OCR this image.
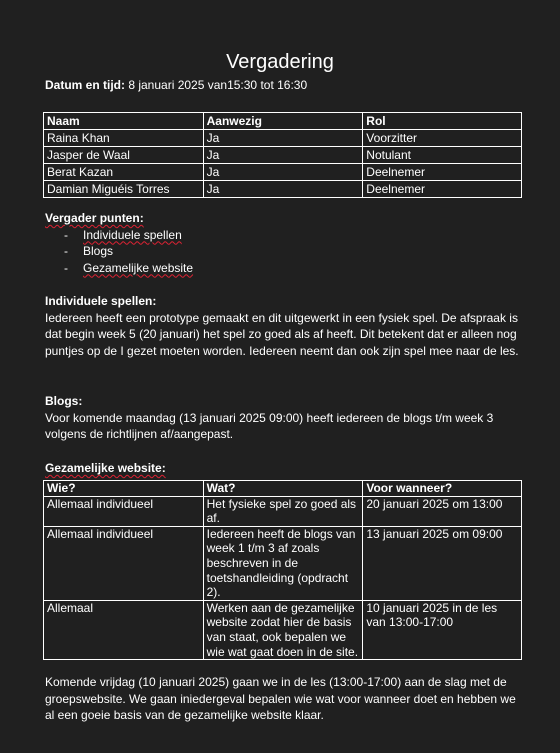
Vergadering
Datum en tijd: 8 januari 2025 van15:30 tot 16:30
Naam	Aanwezig	Rol
Raina Khan	Ja	Voorzitter
Jasper de Waal	Ja	Notulant
Berat Kazan	Ja	Deelnemer
Damian Miguéis Torres	Ja	Deelnemer
Vergader punten:
- Individuele spellen
- Blogs
- Gezamelijke website
Individuele spellen:
Iedereen heeft een prototype gemaakt en dit uitgewerkt in een fysiek spel. De afspraak is dat begin week 5 (20 januari) het spel zo goed als af heeft. Dit betekent dat er alleen nog puntjes op de I gezet moeten worden. Iedereen neemt dan ook zijn spel mee naar de les.
Blogs:
Voor komende maandag (13 januari 2025 09:00) heeft iedereen de blogs t/m week 3 volgens de richtlijnen af/aangepast.
Gezamelijke website:
Wie?	Wat?	Voor wanneer?
Allemaal individueel	Het fysieke spel zo goed als af.	20 januari 2025 om 13:00
Allemaal individueel	Iedereen heeft de blogs van week 1 t/m 3 af zoals beschreven in de toetshandleiding (opdracht 2).	13 januari 2025 om 09:00
Allemaal	Werken aan de gezamelijke website zodat hier de basis van staat, ook bepalen we wie wat gaat doen in de site.	10 januari 2025 in de les van 13:00-17:00
Komende vrijdag (10 januari 2025) gaan we in de les (13:00-17:00) aan de slag met de groepswebsite. We gaan iniedergeval bepalen wie wat voor wanneer doet en hebben we al een goeie basis van de gezamelijke website klaar.
